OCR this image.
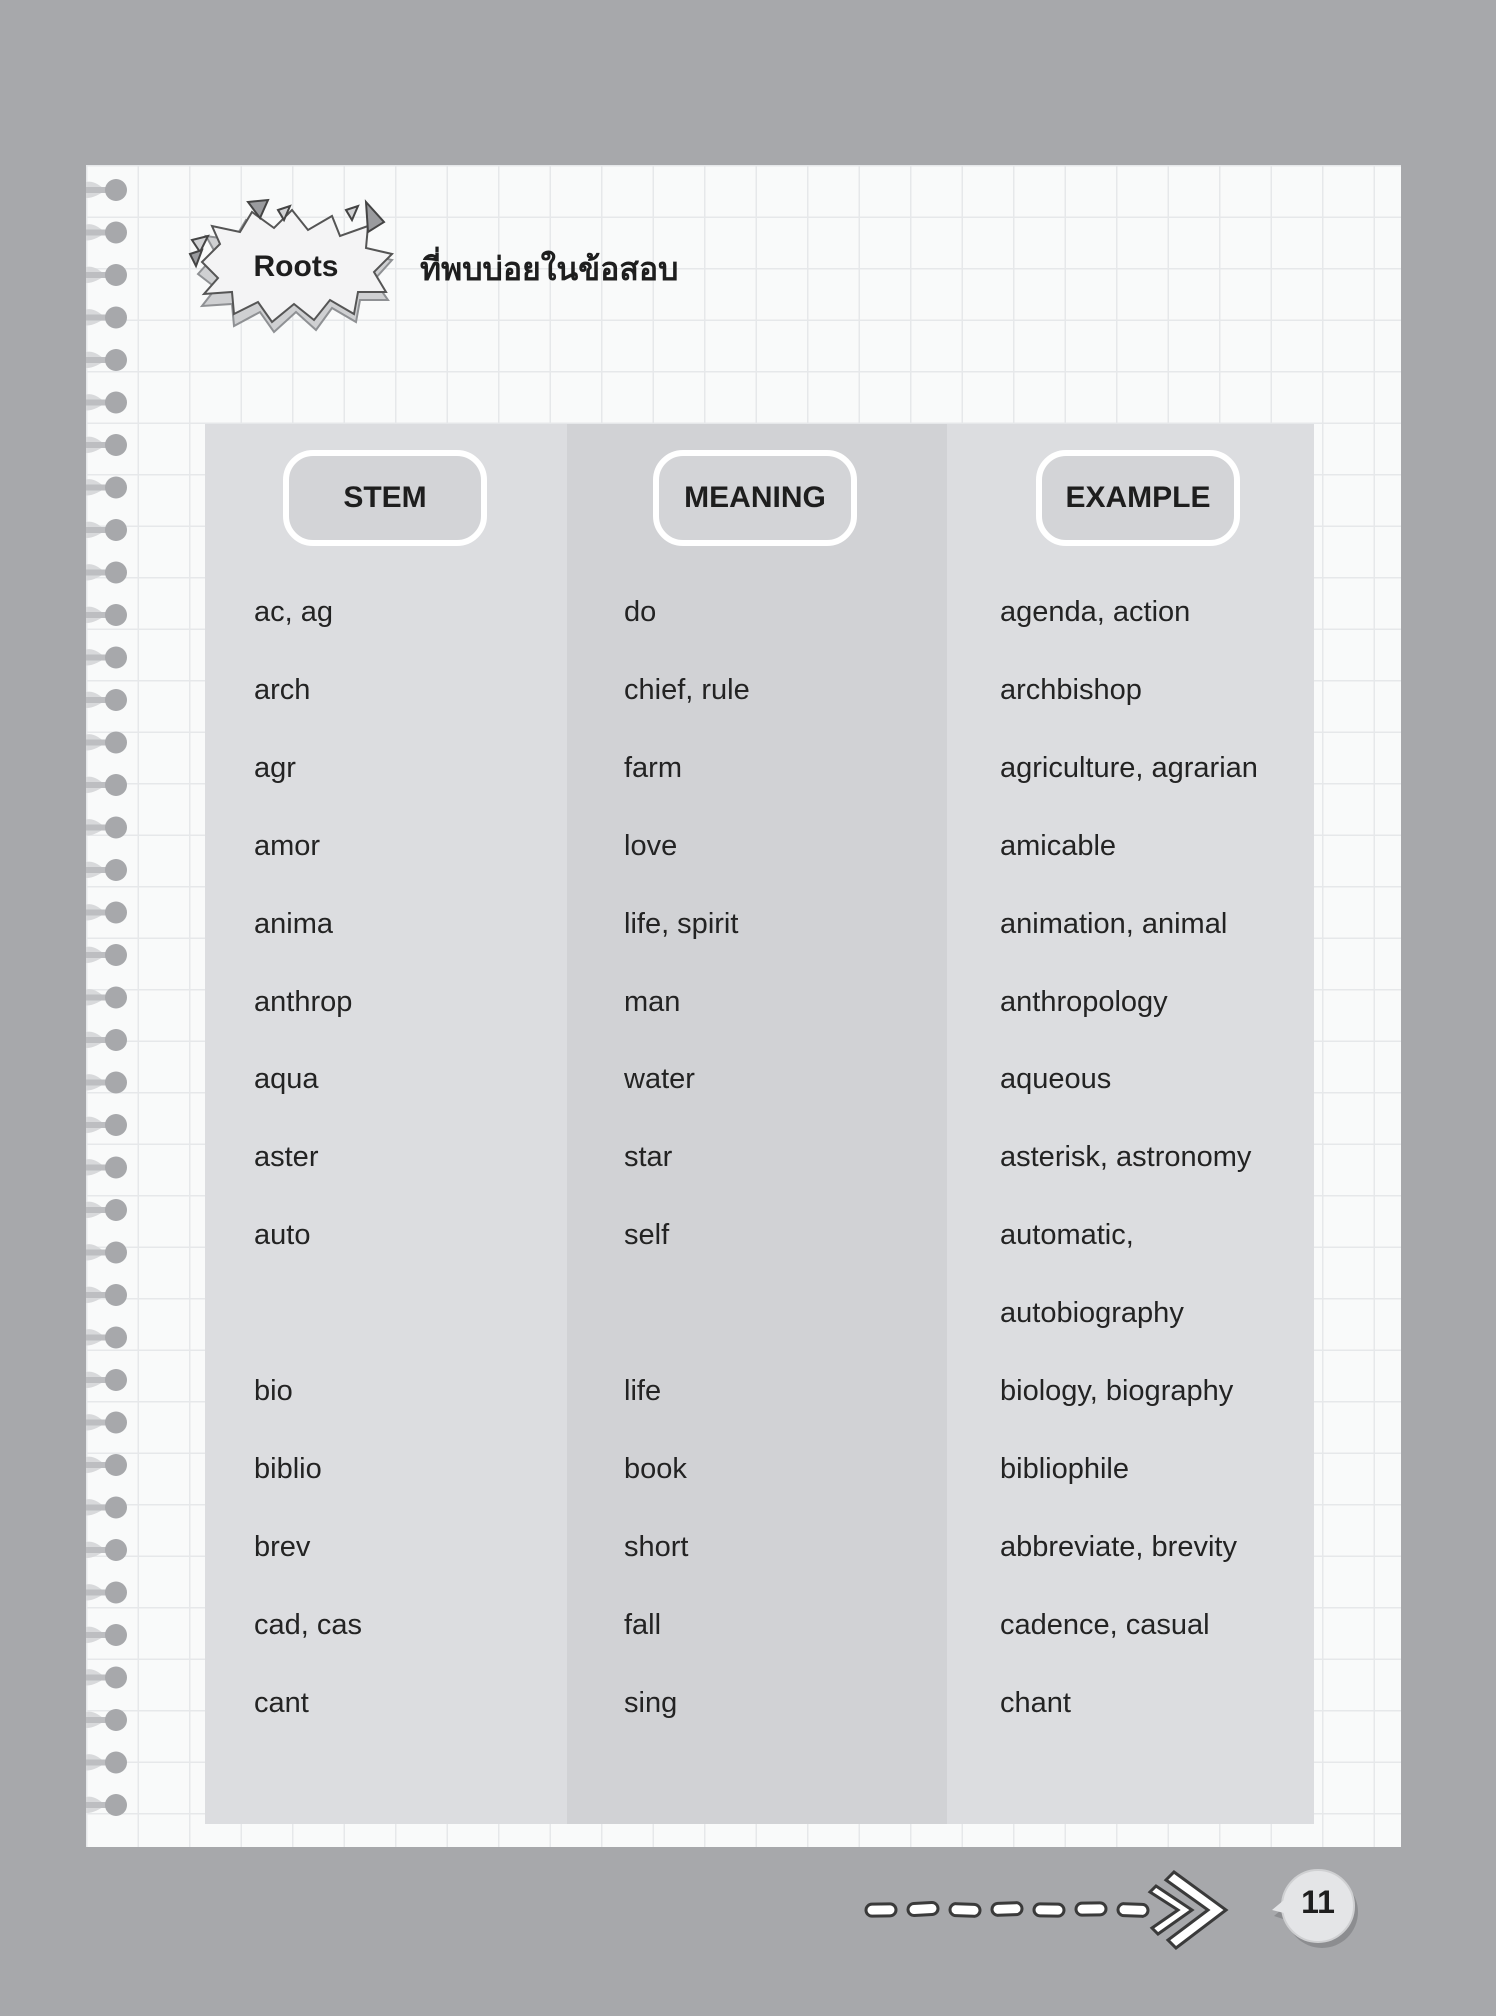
Roots	ที่พบบ่อยในข้อสอบ
STEM
ac, ag
arch
agr
amor
anima
anthrop
aqua
aster
auto
bio
biblio
brev
cad, cas
cant
MEANING
do
chief, rule
farm
love
life, spirit
man
water
star
self
life
book
short
fall
sing
EXAMPLE
agenda, action
archbishop
agriculture, agrarian
amicable
animation, animal
anthropology
aqueous
asterisk, astronomy
automatic,
autobiography
biology, biography
bibliophile
abbreviate, brevity
cadence, casual
chant
11
